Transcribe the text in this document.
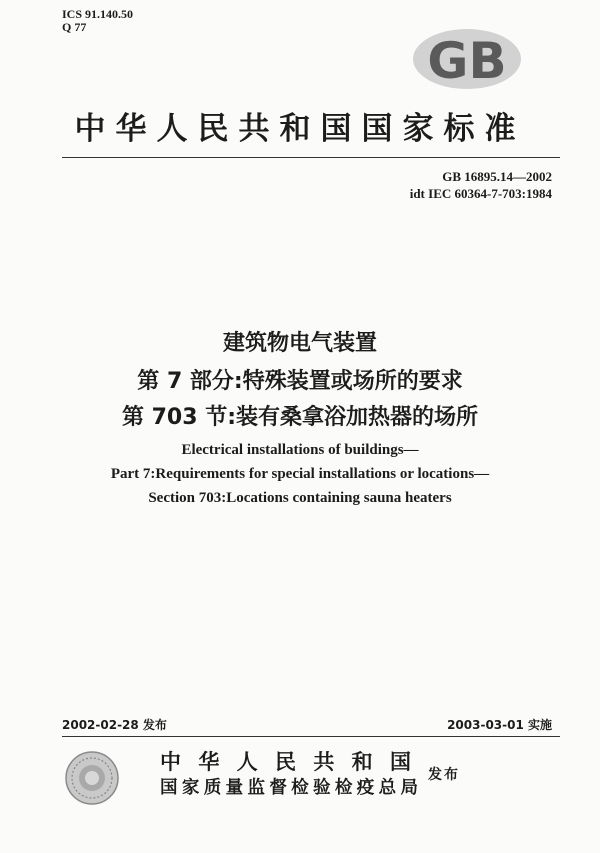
ICS 91.140.50
Q 77
GB
中华人民共和国国家标准
GB 16895.14—2002
idt IEC 60364-7-703:1984
建筑物电气装置
第 7 部分:特殊装置或场所的要求
第 703 节:装有桑拿浴加热器的场所
Electrical installations of buildings—
Part 7:Requirements for special installations or locations—
Section 703:Locations containing sauna heaters
2002-02-28 发布	2003-03-01 实施
中华人民共和国
国家质量监督检验检疫总局
发布
